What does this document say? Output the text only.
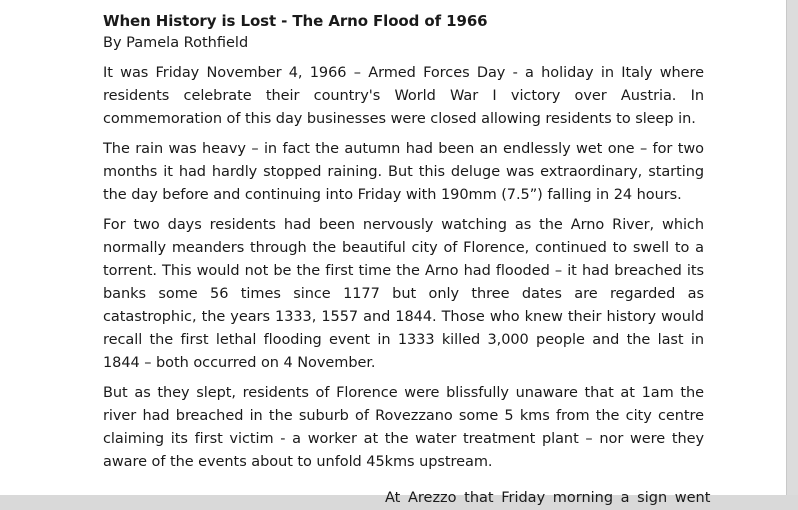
When History is Lost - The Arno Flood of 1966

By Pamela Rothfield

It was Friday November 4, 1966 – Armed Forces Day - a holiday in Italy where residents celebrate their country's World War I victory over Austria. In commemoration of this day businesses were closed allowing residents to sleep in.

The rain was heavy – in fact the autumn had been an endlessly wet one – for two months it had hardly stopped raining. But this deluge was extraordinary, starting the day before and continuing into Friday with 190mm (7.5”) falling in 24 hours.

For two days residents had been nervously watching as the Arno River, which normally meanders through the beautiful city of Florence, continued to swell to a torrent. This would not be the first time the Arno had flooded – it had breached its banks some 56 times since 1177 but only three dates are regarded as catastrophic, the years 1333, 1557 and 1844. Those who knew their history would recall the first lethal flooding event in 1333 killed 3,000 people and the last in 1844 – both occurred on 4 November.

But as they slept, residents of Florence were blissfully unaware that at 1am the river had breached in the suburb of Rovezzano some 5 kms from the city centre claiming its first victim - a worker at the water treatment plant – nor were they aware of the events about to unfold 45kms upstream.

At Arezzo that Friday morning a sign went
